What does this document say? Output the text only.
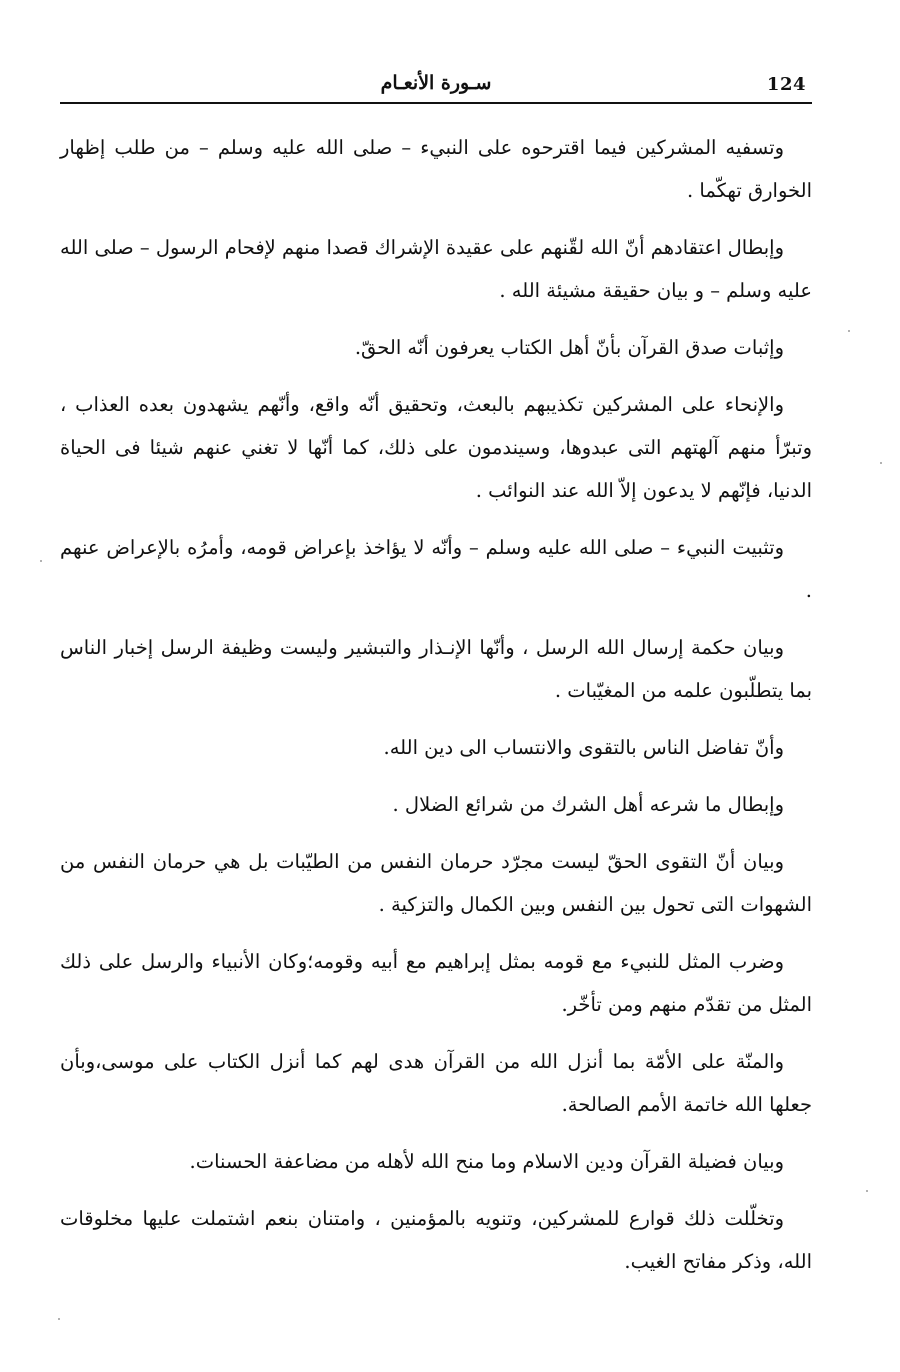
124
سـورة الأنعـام

وتسفيه المشركين فيما اقترحوه على النبيء – صلى الله عليه وسلم – من طلب إظهار الخوارق تهكّما .

وإبطال اعتقادهم أنّ الله لقّنهم على عقيدة الإشراك قصدا منهم لإفحام الرسول – صلى الله عليه وسلم – و بيان حقيقة مشيئة الله .

وإثبات صدق القرآن بأنّ أهل الكتاب يعرفون أنّه الحقّ.

والإنحاء على المشركين تكذيبهم بالبعث، وتحقيق أنّه واقع، وأنّهم يشهدون بعده العذاب ، وتبرّأ منهم آلهتهم التى عبدوها، وسيندمون على ذلك، كما أنّها لا تغني عنهم شيئا فى الحياة الدنيا، فإنّهم لا يدعون إلاّ الله عند النوائب .

وتثبيت النبيء – صلى الله عليه وسلم – وأنّه لا يؤاخذ بإعراض قومه، وأمرُه بالإعراض عنهم .

وبيان حكمة إرسال الله الرسل ، وأنّها الإنـذار والتبشير وليست وظيفة الرسل إخبار الناس بما يتطلّبون علمه من المغيّبات .

وأنّ تفاضل الناس بالتقوى والانتساب الى دين الله.

وإبطال ما شرعه أهل الشرك من شرائع الضلال .

وبيان أنّ التقوى الحقّ ليست مجرّد حرمان النفس من الطيّبات بل هي حرمان النفس من الشهوات التى تحول بين النفس وبين الكمال والتزكية .

وضرب المثل للنبيء مع قومه بمثل إبراهيم مع أبيه وقومه؛وكان الأنبياء والرسل على ذلك المثل من تقدّم منهم ومن تأخّر.

والمنّة على الأمّة بما أنزل الله من القرآن هدى لهم كما أنزل الكتاب على موسى،وبأن جعلها الله خاتمة الأمم الصالحة.

وبيان فضيلة القرآن ودين الاسلام وما منح الله لأهله من مضاعفة الحسنات.

وتخلّلت ذلك قوارع للمشركين، وتنويه بالمؤمنين ، وامتنان بنعم اشتملت عليها مخلوقات الله، وذكر مفاتح الغيب.
